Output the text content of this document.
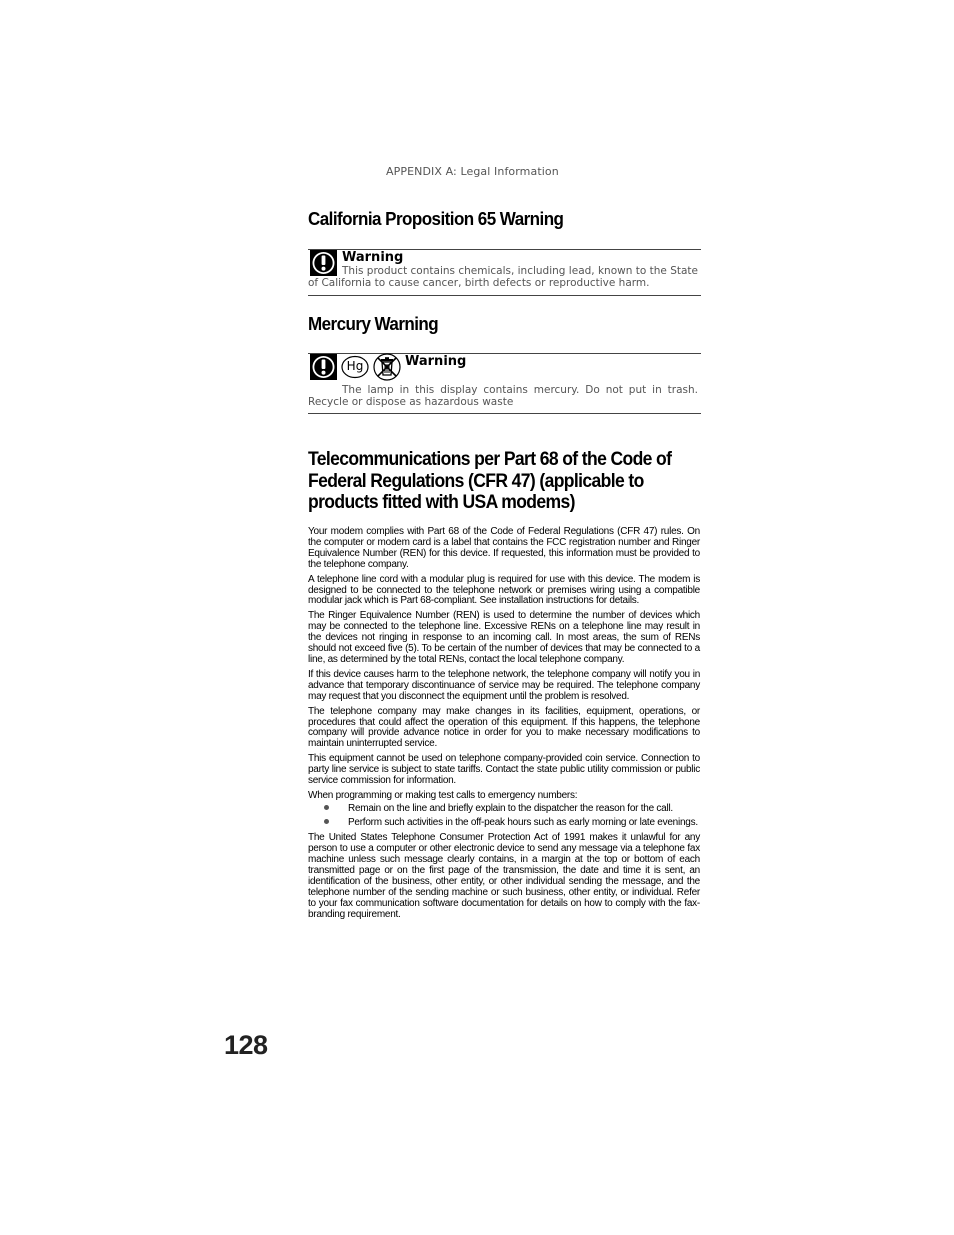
APPENDIX A: Legal Information
California Proposition 65 Warning
Warning
This product contains chemicals, including lead, known to the State of California to cause cancer, birth defects or reproductive harm.
Mercury Warning
Hg	Warning
The lamp in this display contains mercury. Do not put in trash. Recycle or dispose as hazardous waste
Telecommunications per Part 68 of the Code of Federal Regulations (CFR 47) (applicable to products fitted with USA modems)

Your modem complies with Part 68 of the Code of Federal Regulations (CFR 47) rules. On the computer or modem card is a label that contains the FCC registration number and Ringer Equivalence Number (REN) for this device. If requested, this information must be provided to the telephone company.

A telephone line cord with a modular plug is required for use with this device. The modem is designed to be connected to the telephone network or premises wiring using a compatible modular jack which is Part 68-compliant. See installation instructions for details.

The Ringer Equivalence Number (REN) is used to determine the number of devices which may be connected to the telephone line. Excessive RENs on a telephone line may result in the devices not ringing in response to an incoming call. In most areas, the sum of RENs should not exceed five (5). To be certain of the number of devices that may be connected to a line, as determined by the total RENs, contact the local telephone company.

If this device causes harm to the telephone network, the telephone company will notify you in advance that temporary discontinuance of service may be required. The telephone company may request that you disconnect the equipment until the problem is resolved.

The telephone company may make changes in its facilities, equipment, operations, or procedures that could affect the operation of this equipment. If this happens, the telephone company will provide advance notice in order for you to make necessary modifications to maintain uninterrupted service.

This equipment cannot be used on telephone company-provided coin service. Connection to party line service is subject to state tariffs. Contact the state public utility commission or public service commission for information.

When programming or making test calls to emergency numbers:

Remain on the line and briefly explain to the dispatcher the reason for the call.
Perform such activities in the off-peak hours such as early morning or late evenings.

The United States Telephone Consumer Protection Act of 1991 makes it unlawful for any person to use a computer or other electronic device to send any message via a telephone fax machine unless such message clearly contains, in a margin at the top or bottom of each transmitted page or on the first page of the transmission, the date and time it is sent, an identification of the business, other entity, or other individual sending the message, and the telephone number of the sending machine or such business, other entity, or individual. Refer to your fax communication software documentation for details on how to comply with the fax-branding requirement.

128
